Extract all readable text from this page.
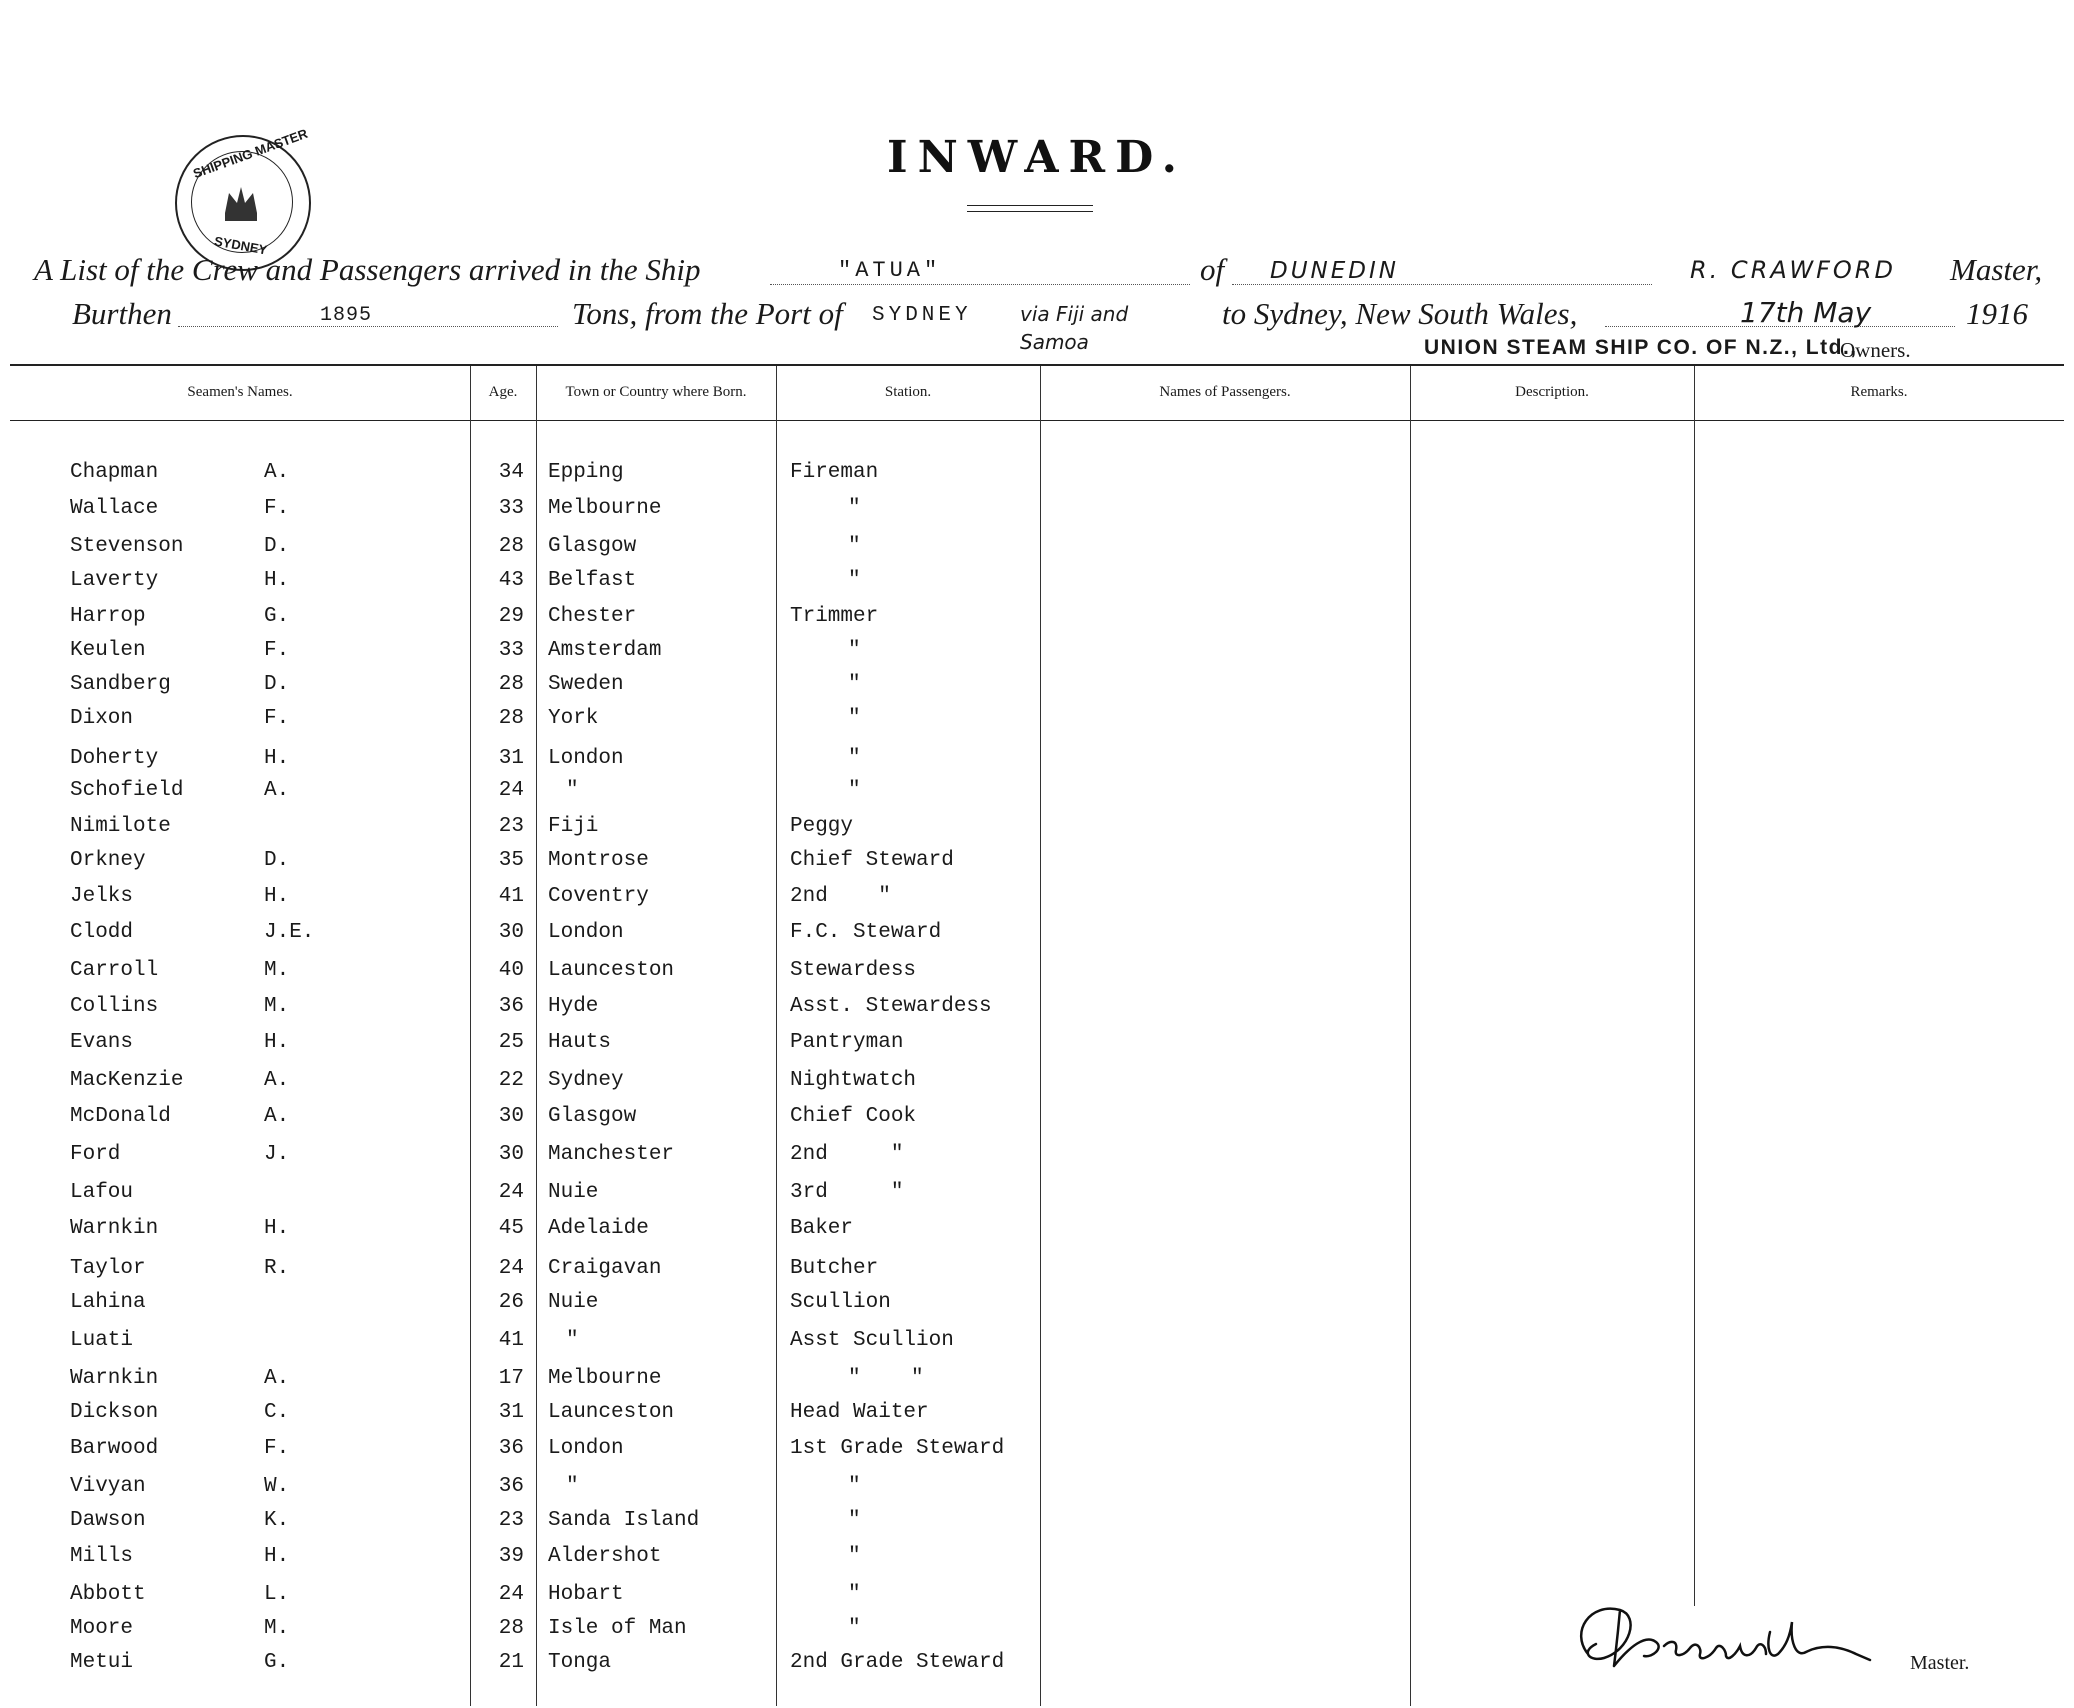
SHIPPING MASTER
SYDNEY
INWARD.
A List of the Crew and Passengers arrived in the Ship	"ATUA"	of DUNEDIN	R. CRAWFORD Master,
Burthen	1895	Tons, from the Port of SYDNEY via Fiji and Samoa
to Sydney, New South Wales,	17th May	1916
UNION STEAM SHIP CO. OF N.Z., Ltd.,
Owners.
Seamen's Names.	Age.	Town or Country where Born.	Station.	Names of Passengers.	Description.	Remarks.
Chapman	A.	34 Epping	Fireman
Wallace	F.	33 Melbourne	"
Stevenson	D.	28 Glasgow	"
Laverty	H.	43 Belfast	"
Harrop	G.	29 Chester	Trimmer
Keulen	F.	33 Amsterdam	"
Sandberg	D.	28 Sweden	"
Dixon	F.	28 York	"
Doherty	H.	31 London	"
Schofield	A.	24 "	"
Nimilote	23 Fiji	Peggy
Orkney	D.	35 Montrose	Chief Steward
Jelks	H.	41 Coventry	2nd    "
Clodd	J.E.	30 London	F.C. Steward
Carroll	M.	40 Launceston	Stewardess
Collins	M.	36 Hyde	Asst. Stewardess
Evans	H.	25 Hauts	Pantryman
MacKenzie	A.	22 Sydney	Nightwatch
McDonald	A.	30 Glasgow	Chief Cook
Ford	J.	30 Manchester	2nd     "
Lafou	24 Nuie	3rd     "
Warnkin	H.	45 Adelaide	Baker
Taylor	R.	24 Craigavan	Butcher
Lahina	26 Nuie	Scullion
Luati	41 "	Asst Scullion
Warnkin	A.	17 Melbourne	"    "
Dickson	C.	31 Launceston	Head Waiter
Barwood	F.	36 London	1st Grade Steward
Vivyan	W.	36 "	"
Dawson	K.	23 Sanda Island	"
Mills	H.	39 Aldershot	"
Abbott	L.	24 Hobart	"
Moore	M.	28 Isle of Man	"
Metui	G.	21 Tonga	2nd Grade Steward	Master.
